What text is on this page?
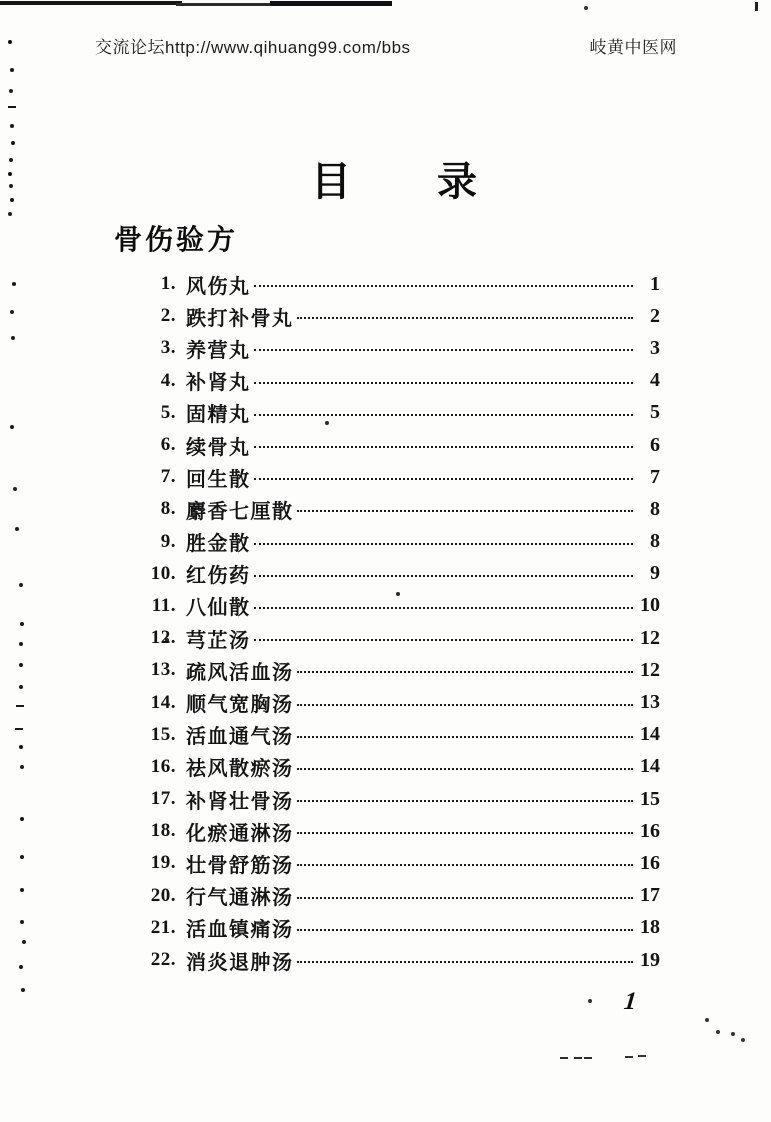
交流论坛http://www.qihuang99.com/bbs	岐黄中医网
目　　录
骨伤验方
1. 风伤丸	1
2. 跌打补骨丸	2
3. 养营丸	3
4. 补肾丸	4
5. 固精丸	5
6. 续骨丸	6
7. 回生散	7
8. 麝香七厘散	8
9. 胜金散	8
10. 红伤药	9
11. 八仙散	10
12. 芎芷汤	12
13. 疏风活血汤	12
14. 顺气宽胸汤	13
15. 活血通气汤	14
16. 祛风散瘀汤	14
17. 补肾壮骨汤	15
18. 化瘀通淋汤	16
19. 壮骨舒筋汤	16
20. 行气通淋汤	17
21. 活血镇痛汤	18
22. 消炎退肿汤	19
1
